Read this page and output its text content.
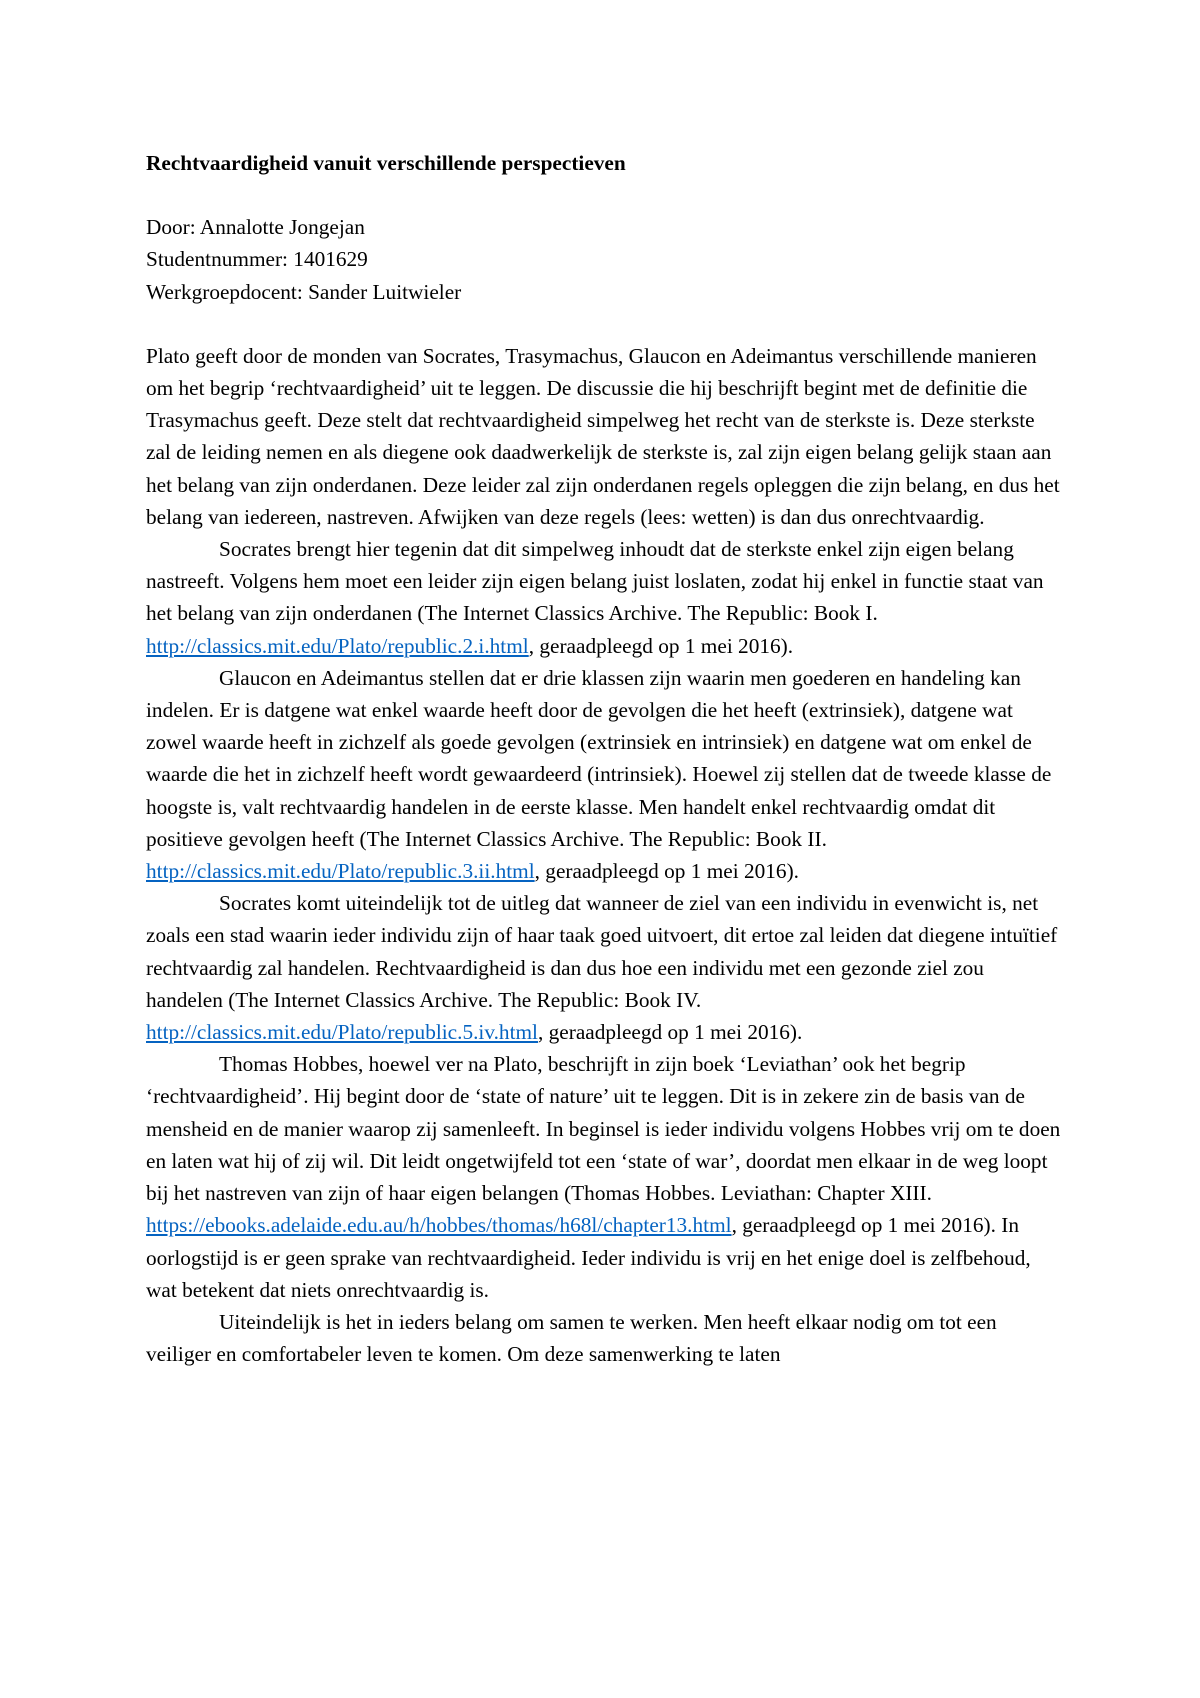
Rechtvaardigheid vanuit verschillende perspectieven

Door: Annalotte Jongejan

Studentnummer: 1401629

Werkgroepdocent: Sander Luitwieler

Plato geeft door de monden van Socrates, Trasymachus, Glaucon en Adeimantus verschillende manieren om het begrip ‘rechtvaardigheid’ uit te leggen. De discussie die hij beschrijft begint met de definitie die Trasymachus geeft. Deze stelt dat rechtvaardigheid simpelweg het recht van de sterkste is. Deze sterkste zal de leiding nemen en als diegene ook daadwerkelijk de sterkste is, zal zijn eigen belang gelijk staan aan het belang van zijn onderdanen. Deze leider zal zijn onderdanen regels opleggen die zijn belang, en dus het belang van iedereen, nastreven. Afwijken van deze regels (lees: wetten) is dan dus onrechtvaardig.

Socrates brengt hier tegenin dat dit simpelweg inhoudt dat de sterkste enkel zijn eigen belang nastreeft. Volgens hem moet een leider zijn eigen belang juist loslaten, zodat hij enkel in functie staat van het belang van zijn onderdanen (The Internet Classics Archive. The Republic: Book I. http://classics.mit.edu/Plato/republic.2.i.html, geraadpleegd op 1 mei 2016).

Glaucon en Adeimantus stellen dat er drie klassen zijn waarin men goederen en handeling kan indelen. Er is datgene wat enkel waarde heeft door de gevolgen die het heeft (extrinsiek), datgene wat zowel waarde heeft in zichzelf als goede gevolgen (extrinsiek en intrinsiek) en datgene wat om enkel de waarde die het in zichzelf heeft wordt gewaardeerd (intrinsiek). Hoewel zij stellen dat de tweede klasse de hoogste is, valt rechtvaardig handelen in de eerste klasse. Men handelt enkel rechtvaardig omdat dit positieve gevolgen heeft (The Internet Classics Archive. The Republic: Book II. http://classics.mit.edu/Plato/republic.3.ii.html, geraadpleegd op 1 mei 2016).

Socrates komt uiteindelijk tot de uitleg dat wanneer de ziel van een individu in evenwicht is, net zoals een stad waarin ieder individu zijn of haar taak goed uitvoert, dit ertoe zal leiden dat diegene intuïtief rechtvaardig zal handelen. Rechtvaardigheid is dan dus hoe een individu met een gezonde ziel zou handelen (The Internet Classics Archive. The Republic: Book IV. http://classics.mit.edu/Plato/republic.5.iv.html, geraadpleegd op 1 mei 2016).

Thomas Hobbes, hoewel ver na Plato, beschrijft in zijn boek ‘Leviathan’ ook het begrip ‘rechtvaardigheid’. Hij begint door de ‘state of nature’ uit te leggen. Dit is in zekere zin de basis van de mensheid en de manier waarop zij samenleeft. In beginsel is ieder individu volgens Hobbes vrij om te doen en laten wat hij of zij wil. Dit leidt ongetwijfeld tot een ‘state of war’, doordat men elkaar in de weg loopt bij het nastreven van zijn of haar eigen belangen (Thomas Hobbes. Leviathan: Chapter XIII. https://ebooks.adelaide.edu.au/h/hobbes/thomas/h68l/chapter13.html, geraadpleegd op 1 mei 2016). In oorlogstijd is er geen sprake van rechtvaardigheid. Ieder individu is vrij en het enige doel is zelfbehoud, wat betekent dat niets onrechtvaardig is.

Uiteindelijk is het in ieders belang om samen te werken. Men heeft elkaar nodig om tot een veiliger en comfortabeler leven te komen. Om deze samenwerking te laten
